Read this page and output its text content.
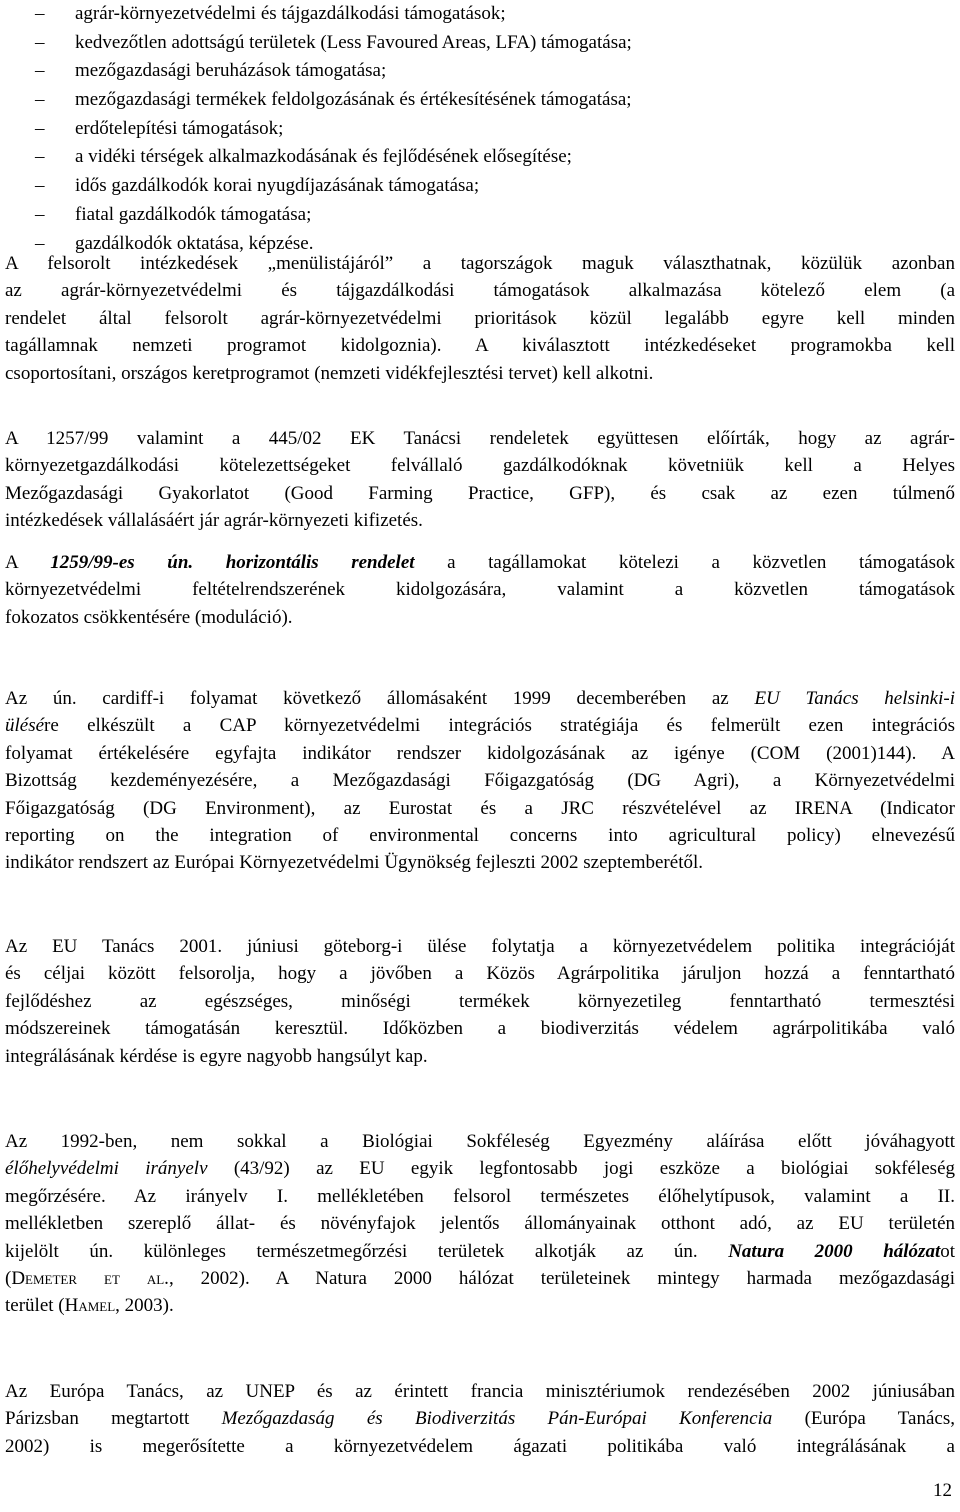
–	agrár-környezetvédelmi és tájgazdálkodási támogatások;
–	kedvezőtlen adottságú területek (Less Favoured Areas, LFA) támogatása;
–	mezőgazdasági beruházások támogatása;
–	mezőgazdasági termékek feldolgozásának és értékesítésének támogatása;
–	erdőtelepítési támogatások;
–	a vidéki térségek alkalmazkodásának és fejlődésének elősegítése;
–	idős gazdálkodók korai nyugdíjazásának támogatása;
–	fiatal gazdálkodók támogatása;
–	gazdálkodók oktatása, képzése.

A felsorolt intézkedések „menülistájáról” a tagországok maguk választhatnak, közülük azonban
az agrár-környezetvédelmi és tájgazdálkodási támogatások alkalmazása kötelező elem (a
rendelet által felsorolt agrár-környezetvédelmi prioritások közül legalább egyre kell minden
tagállamnak nemzeti programot kidolgoznia). A kiválasztott intézkedéseket programokba kell
csoportosítani, országos keretprogramot (nemzeti vidékfejlesztési tervet) kell alkotni.

A 1257/99 valamint a 445/02 EK Tanácsi rendeletek együttesen előírták, hogy az agrár-
környezetgazdálkodási kötelezettségeket felvállaló gazdálkodóknak követniük kell a Helyes
Mezőgazdasági Gyakorlatot (Good Farming Practice, GFP), és csak az ezen túlmenő
intézkedések vállalásáért jár agrár-környezeti kifizetés.

A 1259/99-es ún. horizontális rendelet a tagállamokat kötelezi a közvetlen támogatások
környezetvédelmi feltételrendszerének kidolgozására, valamint a közvetlen támogatások
fokozatos csökkentésére (moduláció).

Az ún. cardiff-i folyamat következő állomásaként 1999 decemberében az EU Tanács helsinki-i
ülésére elkészült a CAP környezetvédelmi integrációs stratégiája és felmerült ezen integrációs
folyamat értékelésére egyfajta indikátor rendszer kidolgozásának az igénye (COM (2001)144). A
Bizottság kezdeményezésére, a Mezőgazdasági Főigazgatóság (DG Agri), a Környezetvédelmi
Főigazgatóság (DG Environment), az Eurostat és a JRC részvételével az IRENA (Indicator
reporting on the integration of environmental concerns into agricultural policy) elnevezésű
indikátor rendszert az Európai Környezetvédelmi Ügynökség fejleszti 2002 szeptemberétől.

Az EU Tanács 2001. júniusi göteborg-i ülése folytatja a környezetvédelem politika integrációját
és céljai között felsorolja, hogy a jövőben a Közös Agrárpolitika járuljon hozzá a fenntartható
fejlődéshez az egészséges, minőségi termékek környezetileg fenntartható termesztési
módszereinek támogatásán keresztül. Időközben a biodiverzitás védelem agrárpolitikába való
integrálásának kérdése is egyre nagyobb hangsúlyt kap.

Az 1992-ben, nem sokkal a Biológiai Sokféleség Egyezmény aláírása előtt jóváhagyott
élőhelyvédelmi irányelv (43/92) az EU egyik legfontosabb jogi eszköze a biológiai sokféleség
megőrzésére. Az irányelv I. mellékletében felsorol természetes élőhelytípusok, valamint a II.
mellékletben szereplő állat- és növényfajok jelentős állományainak otthont adó, az EU területén
kijelölt ún. különleges természetmegőrzési területek alkotják az ún. Natura 2000 hálózatot
(Demeter et al., 2002). A Natura 2000 hálózat területeinek mintegy harmada mezőgazdasági
terület (Hamel, 2003).

Az Európa Tanács, az UNEP és az érintett francia minisztériumok rendezésében 2002 júniusában
Párizsban megtartott Mezőgazdaság és Biodiverzitás Pán-Európai Konferencia (Európa Tanács,
2002) is megerősítette a környezetvédelem ágazati politikába való integrálásának a

12
